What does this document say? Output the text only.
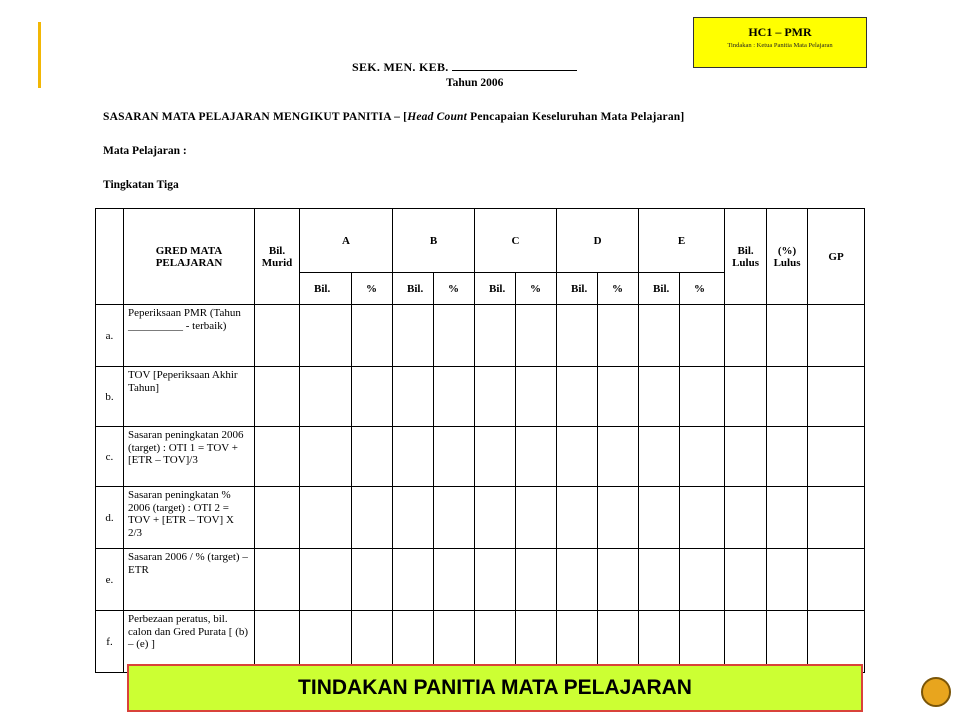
HC1 – PMR
Tindakan : Ketua Panitia Mata Pelajaran
SEK. MEN. KEB.
Tahun 2006
SASARAN MATA PELAJARAN MENGIKUT PANITIA – [Head Count Pencapaian Keseluruhan Mata Pelajaran]
Mata Pelajaran :
Tingkatan Tiga
	GRED MATA PELAJARAN	Bil. Murid	A		B		C		D		E		Bil. Lulus	(%) Lulus	GP
			Bil.	%	Bil.	%	Bil.	%	Bil.	%	Bil.	%			
a.	Peperiksaan PMR (Tahun __________ - terbaik)														
b.	TOV [Peperiksaan Akhir Tahun]														
c.	Sasaran peningkatan 2006 (target) : OTI 1 = TOV + [ETR – TOV]/3														
d.	Sasaran peningkatan % 2006 (target) : OTI 2 = TOV + [ETR – TOV] X 2/3														
e.	Sasaran 2006 / % (target) – ETR														
f.	Perbezaan peratus, bil. calon dan Gred Purata [ (b) – (e) ]														
TINDAKAN PANITIA MATA PELAJARAN
